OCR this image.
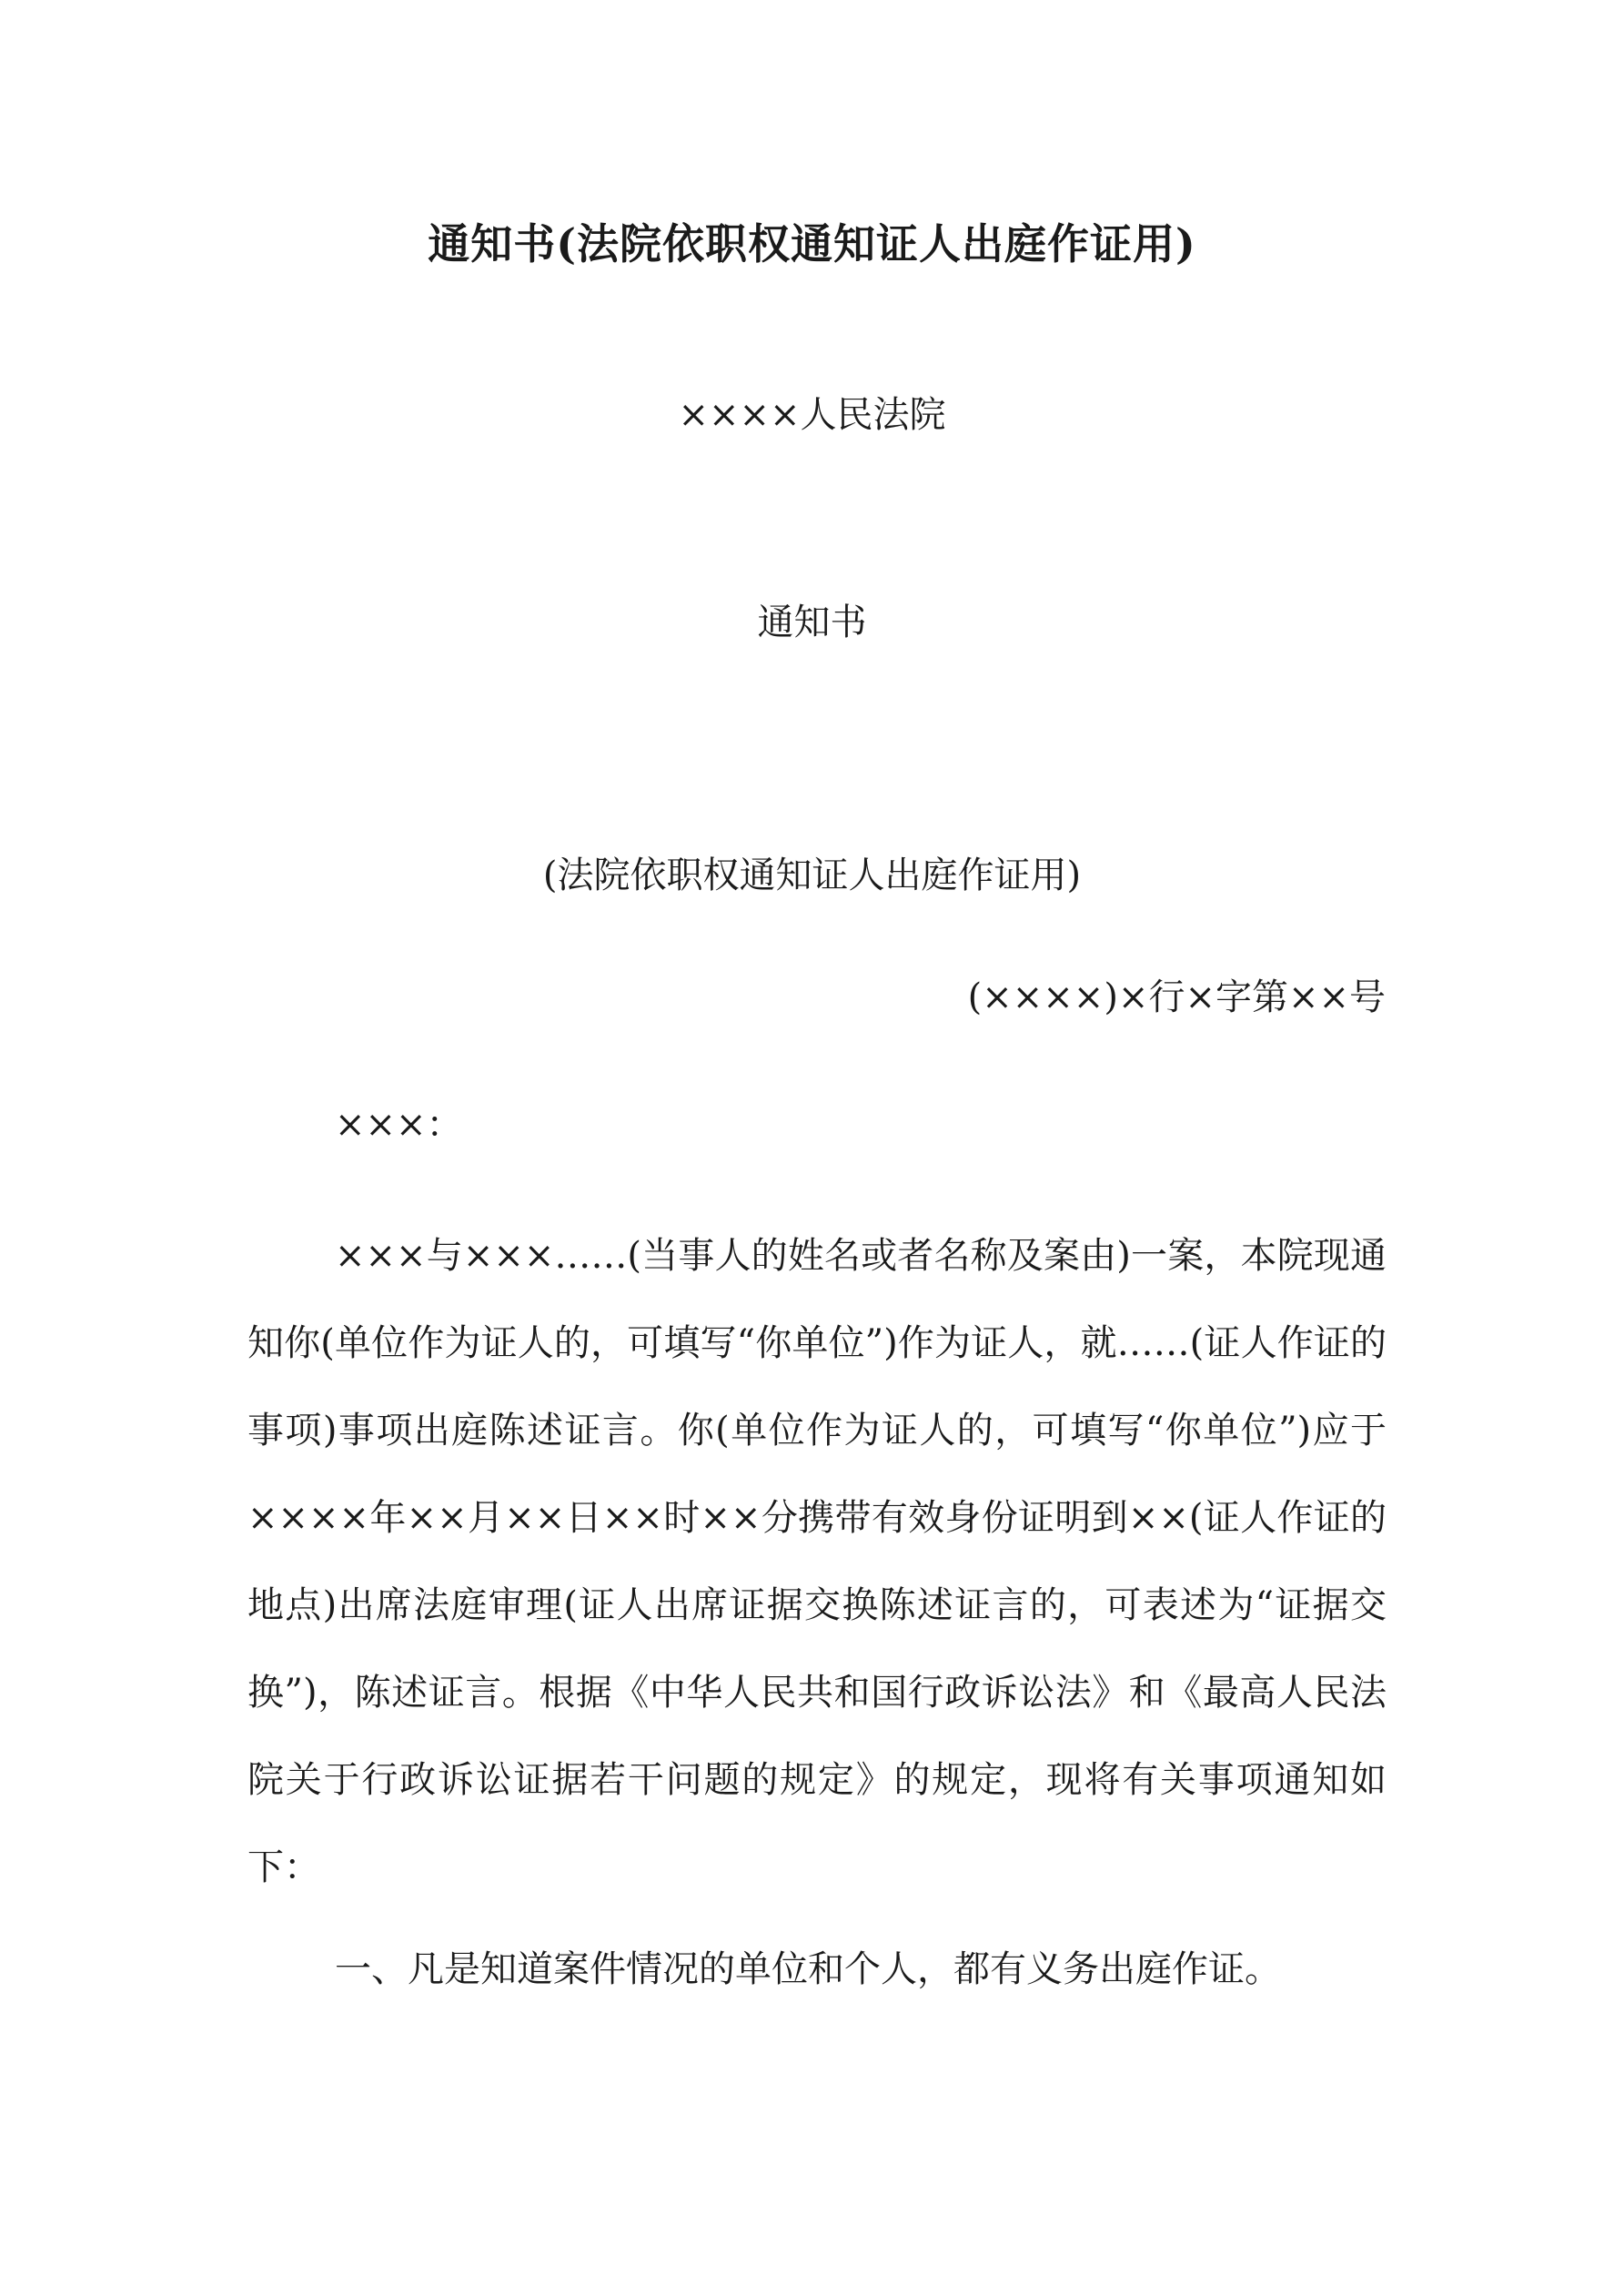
通知书(法院依职权通知证人出庭作证用)
××××人民法院
通知书
(法院依职权通知证人出庭作证用)
(××××)×行×字第××号
×××：
×××与×××……(当事人的姓名或者名称及案由)一案，本院现通知你(单位作为证人的，可填写“你单位”)作为证人，就……(证人作证的事项)事项出庭陈述证言。你(单位作为证人的，可填写“你单位”)应于××××年××月××日××时××分携带有效身份证明到××(证人作证的地点)出席法庭审理(证人出席证据交换陈述证言的，可表述为“证据交换”)，陈述证言。根据《中华人民共和国行政诉讼法》和《最高人民法院关于行政诉讼证据若干问题的规定》的规定，现将有关事项通知如下：
一、凡是知道案件情况的单位和个人，都有义务出庭作证。
